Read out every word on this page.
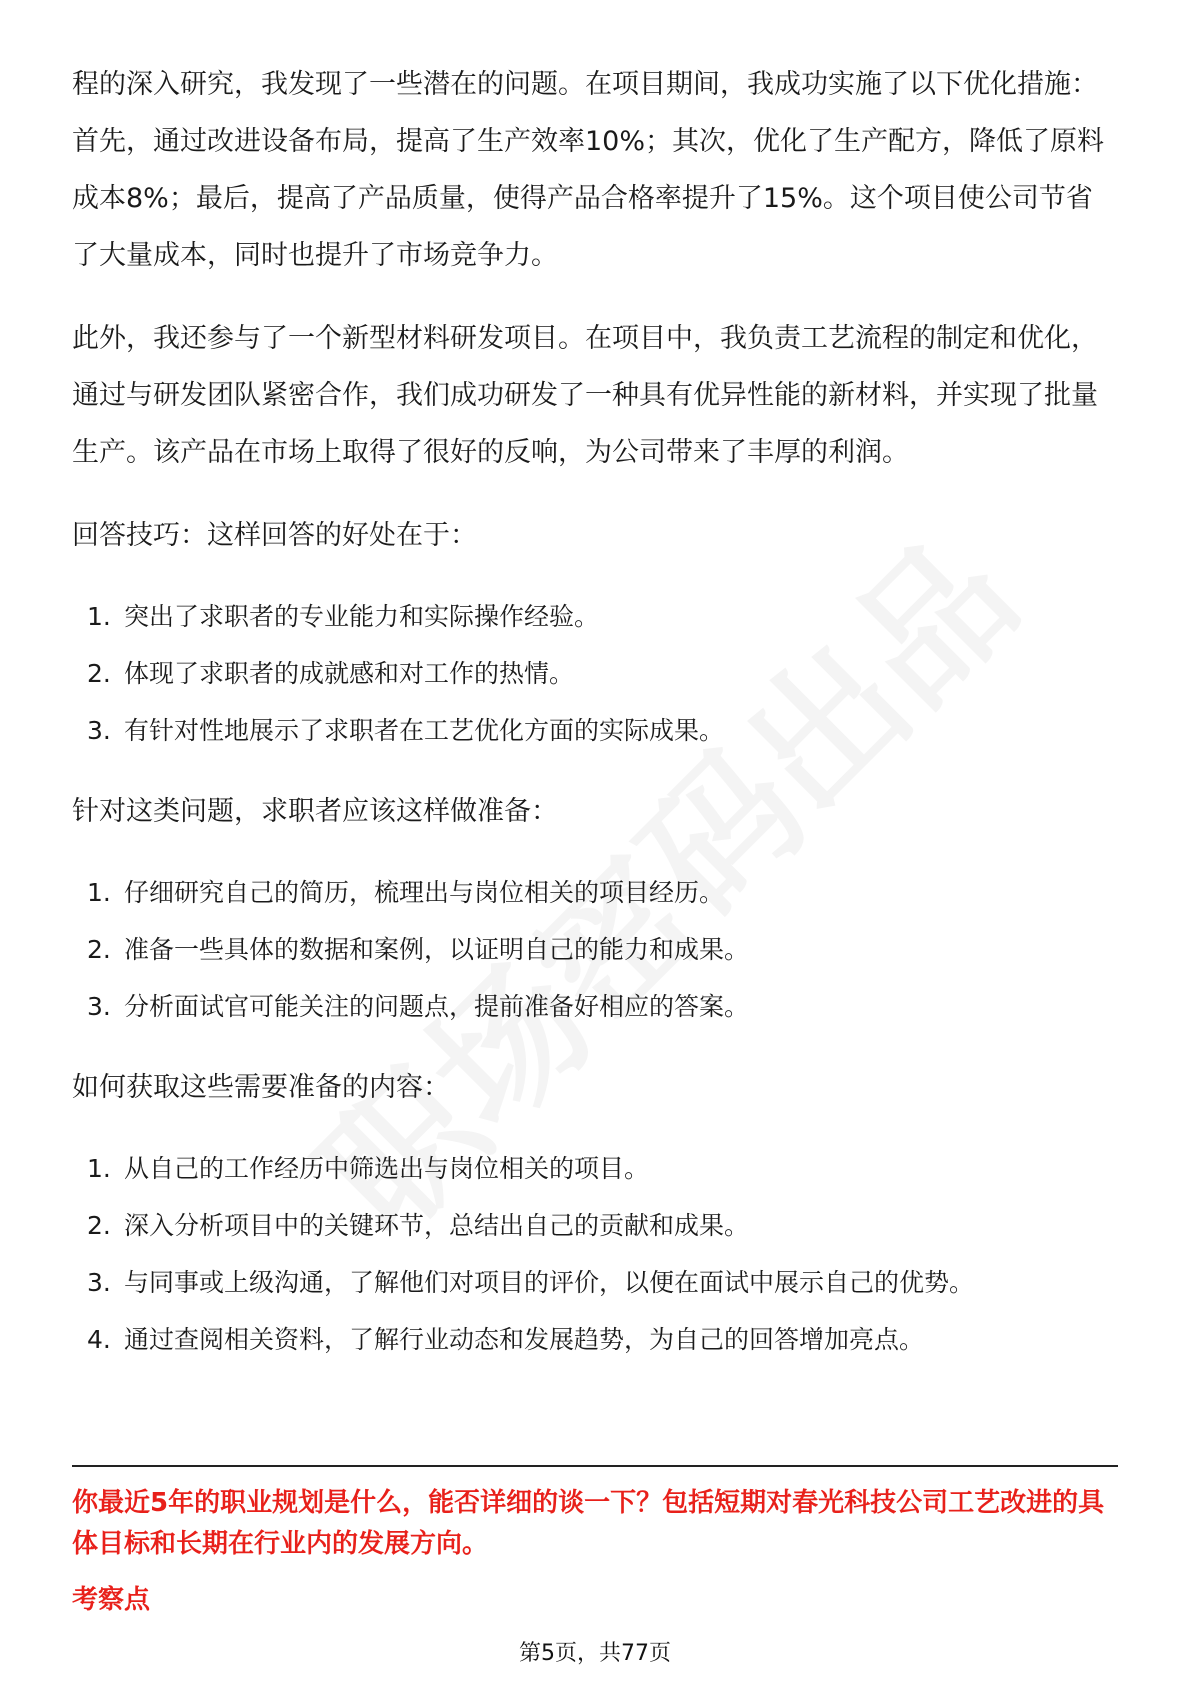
程的深入研究，我发现了一些潜在的问题。在项目期间，我成功实施了以下优化措施：首先，通过改进设备布局，提高了生产效率10%；其次，优化了生产配方，降低了原料成本8%；最后，提高了产品质量，使得产品合格率提升了15%。这个项目使公司节省了大量成本，同时也提升了市场竞争力。

此外，我还参与了一个新型材料研发项目。在项目中，我负责工艺流程的制定和优化，通过与研发团队紧密合作，我们成功研发了一种具有优异性能的新材料，并实现了批量生产。该产品在市场上取得了很好的反响，为公司带来了丰厚的利润。

回答技巧：这样回答的好处在于：

1. 突出了求职者的专业能力和实际操作经验。
2. 体现了求职者的成就感和对工作的热情。
3. 有针对性地展示了求职者在工艺优化方面的实际成果。

针对这类问题，求职者应该这样做准备：

1. 仔细研究自己的简历，梳理出与岗位相关的项目经历。
2. 准备一些具体的数据和案例，以证明自己的能力和成果。
3. 分析面试官可能关注的问题点，提前准备好相应的答案。

如何获取这些需要准备的内容：

1. 从自己的工作经历中筛选出与岗位相关的项目。
2. 深入分析项目中的关键环节，总结出自己的贡献和成果。
3. 与同事或上级沟通，了解他们对项目的评价，以便在面试中展示自己的优势。
4. 通过查阅相关资料，了解行业动态和发展趋势，为自己的回答增加亮点。

你最近5年的职业规划是什么，能否详细的谈一下？包括短期对春光科技公司工艺改进的具体目标和长期在行业内的发展方向。

考察点

第5页，共77页
